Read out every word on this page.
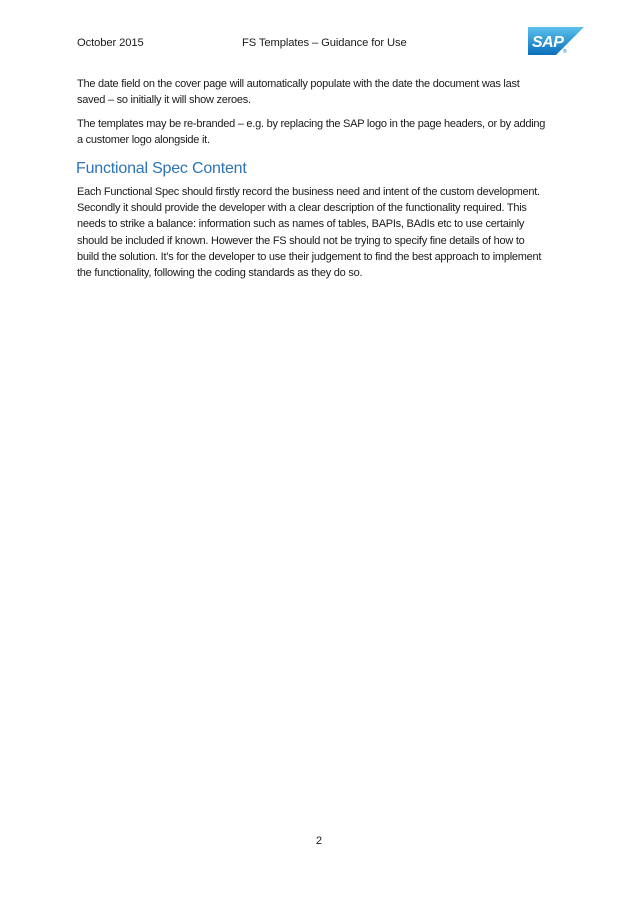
October 2015	FS Templates – Guidance for Use	SAP
®

The date field on the cover page will automatically populate with the date the document was last saved – so initially it will show zeroes.

The templates may be re-branded – e.g. by replacing the SAP logo in the page headers, or by adding a customer logo alongside it.

Functional Spec Content

Each Functional Spec should firstly record the business need and intent of the custom development. Secondly it should provide the developer with a clear description of the functionality required. This needs to strike a balance: information such as names of tables, BAPIs, BAdIs etc to use certainly should be included if known. However the FS should not be trying to specify fine details of how to build the solution. It’s for the developer to use their judgement to find the best approach to implement the functionality, following the coding standards as they do so.

2
